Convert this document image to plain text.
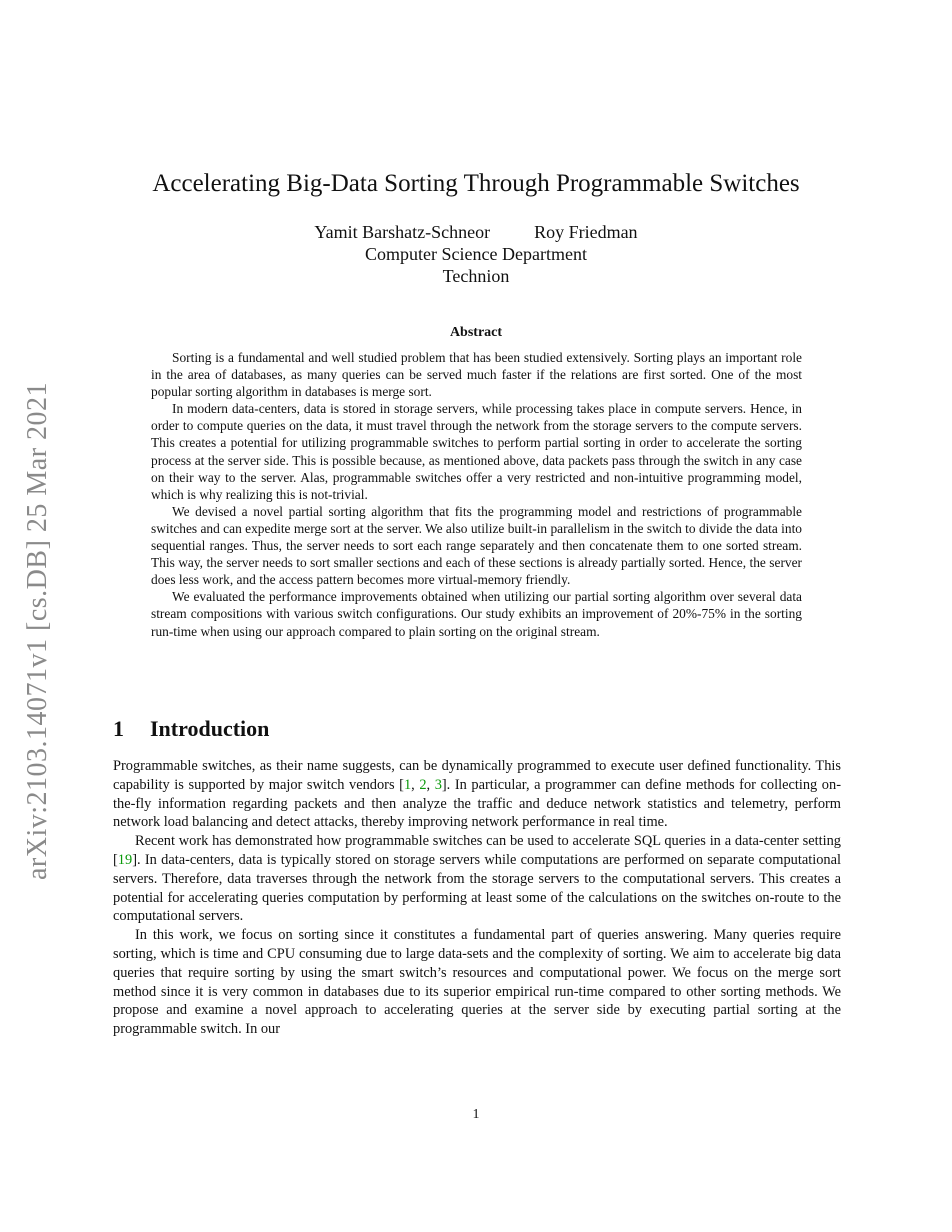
arXiv:2103.14071v1 [cs.DB] 25 Mar 2021
Accelerating Big-Data Sorting Through Programmable Switches
Yamit Barshatz-Schneor Roy Friedman
Computer Science Department
Technion
Abstract

Sorting is a fundamental and well studied problem that has been studied extensively. Sorting plays an important role in the area of databases, as many queries can be served much faster if the relations are first sorted. One of the most popular sorting algorithm in databases is merge sort.

In modern data-centers, data is stored in storage servers, while processing takes place in compute servers. Hence, in order to compute queries on the data, it must travel through the network from the storage servers to the compute servers. This creates a potential for utilizing programmable switches to perform partial sorting in order to accelerate the sorting process at the server side. This is possible because, as mentioned above, data packets pass through the switch in any case on their way to the server. Alas, programmable switches offer a very restricted and non-intuitive programming model, which is why realizing this is not-trivial.

We devised a novel partial sorting algorithm that fits the programming model and restrictions of programmable switches and can expedite merge sort at the server. We also utilize built-in parallelism in the switch to divide the data into sequential ranges. Thus, the server needs to sort each range separately and then concatenate them to one sorted stream. This way, the server needs to sort smaller sections and each of these sections is already partially sorted. Hence, the server does less work, and the access pattern becomes more virtual-memory friendly.

We evaluated the performance improvements obtained when utilizing our partial sorting algorithm over several data stream compositions with various switch configurations. Our study exhibits an improvement of 20%-75% in the sorting run-time when using our approach compared to plain sorting on the original stream.

1 Introduction

Programmable switches, as their name suggests, can be dynamically programmed to execute user defined functionality. This capability is supported by major switch vendors [1, 2, 3]. In particular, a programmer can define methods for collecting on-the-fly information regarding packets and then analyze the traffic and deduce network statistics and telemetry, perform network load balancing and detect attacks, thereby improving network performance in real time.

Recent work has demonstrated how programmable switches can be used to accelerate SQL queries in a data-center setting [19]. In data-centers, data is typically stored on storage servers while computations are performed on separate computational servers. Therefore, data traverses through the network from the storage servers to the computational servers. This creates a potential for accelerating queries computation by performing at least some of the calculations on the switches on-route to the computational servers.

In this work, we focus on sorting since it constitutes a fundamental part of queries answering. Many queries require sorting, which is time and CPU consuming due to large data-sets and the complexity of sorting. We aim to accelerate big data queries that require sorting by using the smart switch’s resources and computational power. We focus on the merge sort method since it is very common in databases due to its superior empirical run-time compared to other sorting methods. We propose and examine a novel approach to accelerating queries at the server side by executing partial sorting at the programmable switch. In our

1
